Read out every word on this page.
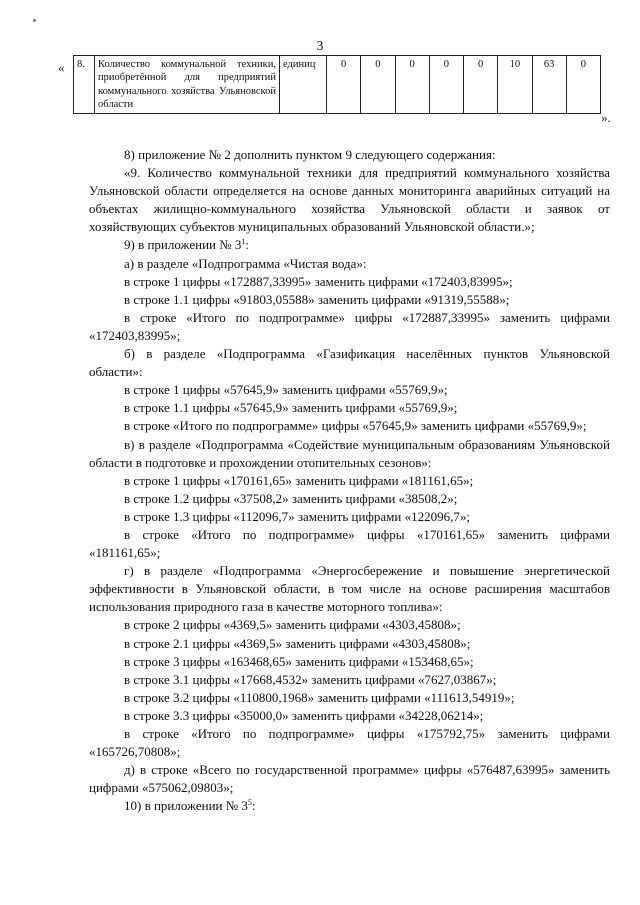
3
« 8.	Количество коммунальной техники, приобретённой для предприятий коммунального хозяйства Ульяновской области	единиц	0	0	0	0	0	10	63	0
».

8) приложение № 2 дополнить пунктом 9 следующего содержания:

«9. Количество коммунальной техники для предприятий коммунального хозяйства Ульяновской области определяется на основе данных мониторинга аварийных ситуаций на объектах жилищно-коммунального хозяйства Ульяновской области и заявок от хозяйствующих субъектов муниципальных образований Ульяновской области.»;

9) в приложении № $3^1$:

а) в разделе «Подпрограмма «Чистая вода»:

в строке 1 цифры «172887,33995» заменить цифрами «172403,83995»;

в строке 1.1 цифры «91803,05588» заменить цифрами «91319,55588»;

в строке «Итого по подпрограмме» цифры «172887,33995» заменить цифрами «172403,83995»;

б) в разделе «Подпрограмма «Газификация населённых пунктов Ульяновской области»:

в строке 1 цифры «57645,9» заменить цифрами «55769,9»;

в строке 1.1 цифры «57645,9» заменить цифрами «55769,9»;

в строке «Итого по подпрограмме» цифры «57645,9» заменить цифрами «55769,9»;

в) в разделе «Подпрограмма «Содействие муниципальным образованиям Ульяновской области в подготовке и прохождении отопительных сезонов»:

в строке 1 цифры «170161,65» заменить цифрами «181161,65»;

в строке 1.2 цифры «37508,2» заменить цифрами «38508,2»;

в строке 1.3 цифры «112096,7» заменить цифрами «122096,7»;

в строке «Итого по подпрограмме» цифры «170161,65» заменить цифрами «181161,65»;

г) в разделе «Подпрограмма «Энергосбережение и повышение энергетической эффективности в Ульяновской области, в том числе на основе расширения масштабов использования природного газа в качестве моторного топлива»:

в строке 2 цифры «4369,5» заменить цифрами «4303,45808»;

в строке 2.1 цифры «4369,5» заменить цифрами «4303,45808»;

в строке 3 цифры «163468,65» заменить цифрами «153468,65»;

в строке 3.1 цифры «17668,4532» заменить цифрами «7627,03867»;

в строке 3.2 цифры «110800,1968» заменить цифрами «111613,54919»;

в строке 3.3 цифры «35000,0» заменить цифрами «34228,06214»;

в строке «Итого по подпрограмме» цифры «175792,75» заменить цифрами «165726,70808»;

д) в строке «Всего по государственной программе» цифры «576487,63995» заменить цифрами «575062,09803»;

10) в приложении № $3^5$:
